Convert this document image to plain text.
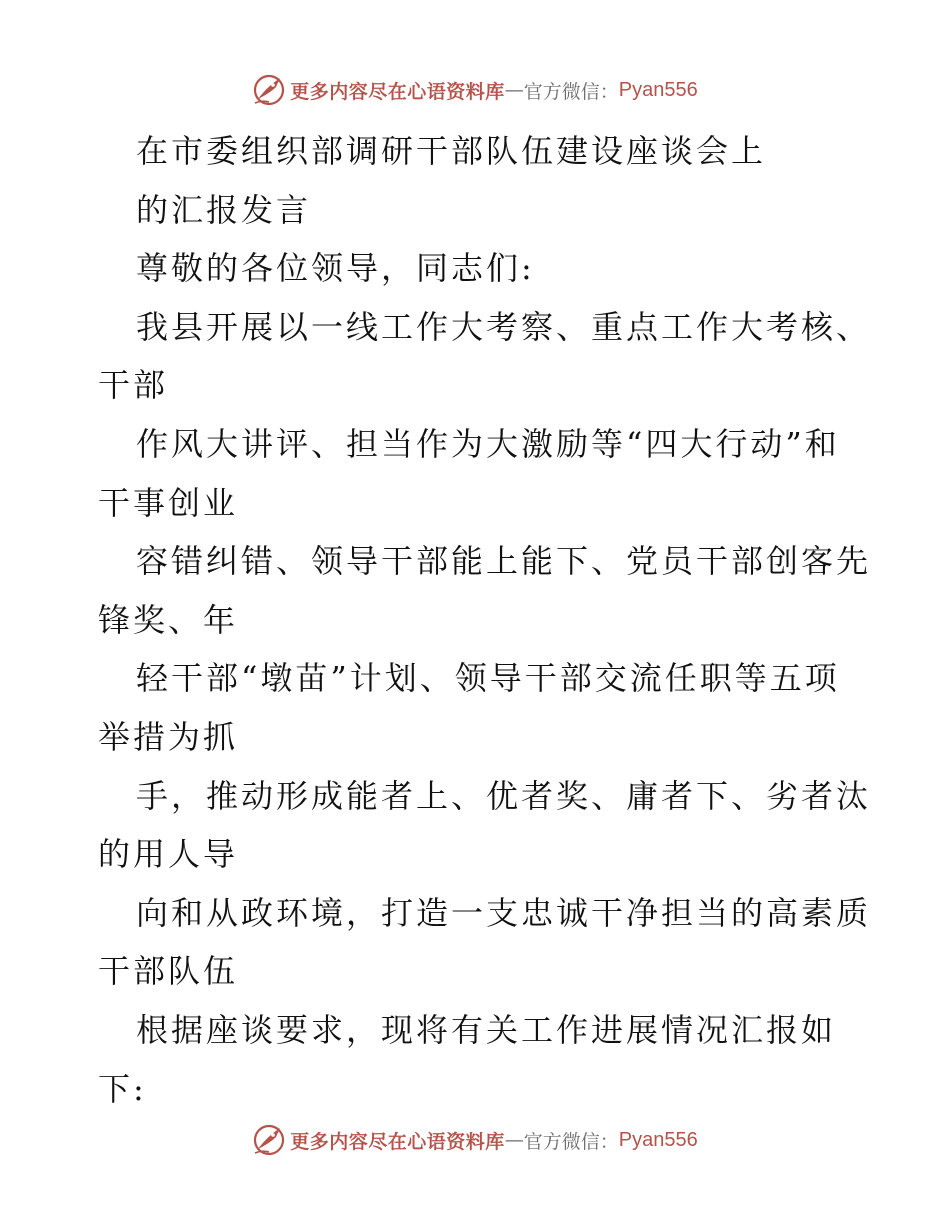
更多内容尽在心语资料库 — 官方微信： Pyan556
在市委组织部调研干部队伍建设座谈会上
的汇报发言
尊敬的各位领导，同志们:
我县开展以一线工作大考察、重点工作大考核、
干部
作风大讲评、担当作为大激励等“四大行动”和
干事创业
容错纠错、领导干部能上能下、党员干部创客先
锋奖、年
轻干部“墩苗”计划、领导干部交流任职等五项
举措为抓
手，推动形成能者上、优者奖、庸者下、劣者汰
的用人导
向和从政环境，打造一支忠诚干净担当的高素质
干部队伍
根据座谈要求，现将有关工作进展情况汇报如
下:
更多内容尽在心语资料库 — 官方微信： Pyan556
